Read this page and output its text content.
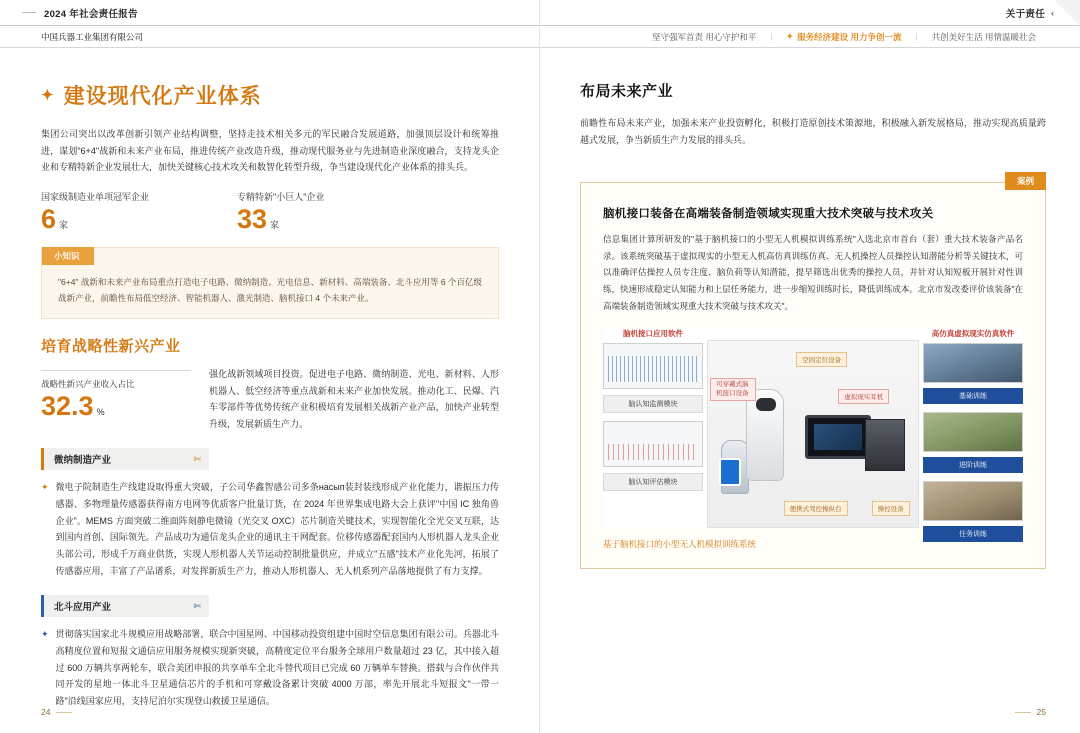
2024 年社会责任报告
中国兵器工业集团有限公司
✦ 建设现代化产业体系

集团公司突出以改革创新引领产业结构调整，坚持走技术相关多元的军民融合发展道路，加强顶层设计和统筹推进，谋划"6+4"战新和未来产业布局，推进传统产业改造升级，推动现代服务业与先进制造业深度融合，支持龙头企业和专精特新企业发展壮大，加快关键核心技术攻关和数智化转型升级，争当建设现代化产业体系的排头兵。

国家级制造业单项冠军企业
6 家
专精特新"小巨人"企业
33 家
小知识
"6+4" 战新和未来产业布局重点打造电子电路、微纳制造、光电信息、新材料、高端装备、北斗应用等 6 个百亿级战新产业，前瞻性布局低空经济、智能机器人、激光制造、脑机接口 4 个未来产业。
培育战略性新兴产业
战略性新兴产业收入占比
32.3 %
强化战新领域项目投资。促进电子电路、微纳制造、光电、新材料、人形机器人、低空经济等重点战新和未来产业加快发展。推动化工、民爆、汽车零部件等优势传统产业积极培育发展相关战新产业产品，加快产业转型升级，发展新质生产力。
微纳制造产业	✄
✦ 微电子院制造生产线建设取得重大突破，子公司华鑫智感公司多条насып装封装线形成产业化能力，谐振压力传感器、多物理量传感器获得南方电网等优质客户批量订货，在 2024 年世界集成电路大会上获评"中国 IC 独角兽企业"。MEMS 方面突破二维面阵刻静电微镜（光交叉 OXC）芯片制造关键技术，实现智能化全光交叉互联，达到国内首创、国际领先。产品成功为通信龙头企业的通讯主干网配套。位移传感器配套国内人形机器人龙头企业头部公司，形成千万商业供货，实现人形机器人关节运动控制批量供应，并成立"五感"技术产业化先河，拓展了传感器应用，丰富了产品谱系，对发挥新质生产力，推动人形机器人、无人机系列产品落地提供了有力支撑。
北斗应用产业	✄
✦ 贯彻落实国家北斗规模应用战略部署，联合中国星网、中国移动投资组建中国时空信息集团有限公司。兵器北斗高精度位置和短报文通信应用服务规模实现新突破，高精度定位平台服务全球用户数量超过 23 亿，其中接入超过 600 万辆共享两轮车，联合美团申报的共享单车全北斗替代项目已完成 60 万辆单车替换。搭载与合作伙伴共同开发的星地一体北斗卫星通信芯片的手机和可穿戴设备累计突破 4000 万部，率先开展北斗短报文"一带一路"沿线国家应用，支持尼泊尔实现登山救援卫星通信。
24
关于责任 ‹
坚守强军首责 用心守护和平 | ✦ 服务经济建设 用力争创一流 | 共创美好生活 用情温暖社会
布局未来产业

前瞻性布局未来产业，加强未来产业投资孵化，积极打造原创技术策源地，积极融入新发展格局，推动实现高质量跨越式发展，争当新质生产力发展的排头兵。

案例
脑机接口装备在高端装备制造领域实现重大技术突破与技术攻关
信息集团计算所研发的"基于脑机接口的小型无人机模拟训练系统"入选北京市首台（套）重大技术装备产品名录。该系统突破基于虚拟现实的小型无人机高仿真训练仿真、无人机操控人员操控认知潜能分析等关键技术，可以准确评估操控人员专注度、脑负荷等认知潜能，提早筛选出优秀的操控人员，并针对认知短板开展针对性训练，快速形成稳定认知能力和上层任务能力，进一步缩短训练时长，降低训练成本。北京市发改委评价该装备"在高端装备制造领域实现重大技术突破与技术攻关"。
脑机接口应用软件
脑认知监测模块
脑认知评估模块
空间定位设备
可穿戴式脑机接口设备
虚拟现实耳机
便携式驾控操纵台	操控设备
高仿真虚拟现实仿真软件
基础训练
进阶训练
任务训练
基于脑机接口的小型无人机模拟训练系统
25
